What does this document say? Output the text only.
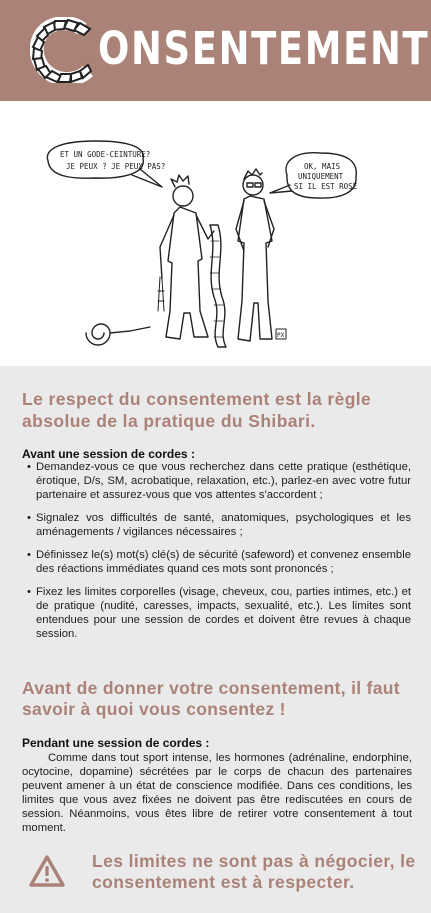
ONSENTEMENT
ET UN GODE-CEINTURE?
JE PEUX ? JE PEUX PAS?	OK, MAIS
UNIQUEMENT
SI IL EST ROSE
PX
Le respect du consentement est la règle absolue de la pratique du Shibari.
Avant une session de cordes :
• Demandez-vous ce que vous recherchez dans cette pratique (esthétique, érotique, D/s, SM, acrobatique, relaxation, etc.), parlez-en avec votre futur partenaire et assurez-vous que vos attentes s'accordent ;
• Signalez vos difficultés de santé, anatomiques, psychologiques et les aménagements / vigilances nécessaires ;
• Définissez le(s) mot(s) clé(s) de sécurité (safeword) et convenez ensemble des réactions immédiates quand ces mots sont prononcés ;
• Fixez les limites corporelles (visage, cheveux, cou, parties intimes, etc.) et de pratique (nudité, caresses, impacts, sexualité, etc.). Les limites sont entendues pour une session de cordes et doivent être revues à chaque session.
Avant de donner votre consentement, il faut savoir à quoi vous consentez !
Pendant une session de cordes :
Comme dans tout sport intense, les hormones (adrénaline, endorphine, ocytocine, dopamine) sécrétées par le corps de chacun des partenaires peuvent amener à un état de conscience modifiée. Dans ces conditions, les limites que vous avez fixées ne doivent pas être rediscutées en cours de session. Néanmoins, vous êtes libre de retirer votre consentement à tout moment.
Les limites ne sont pas à négocier, le consentement est à respecter.
